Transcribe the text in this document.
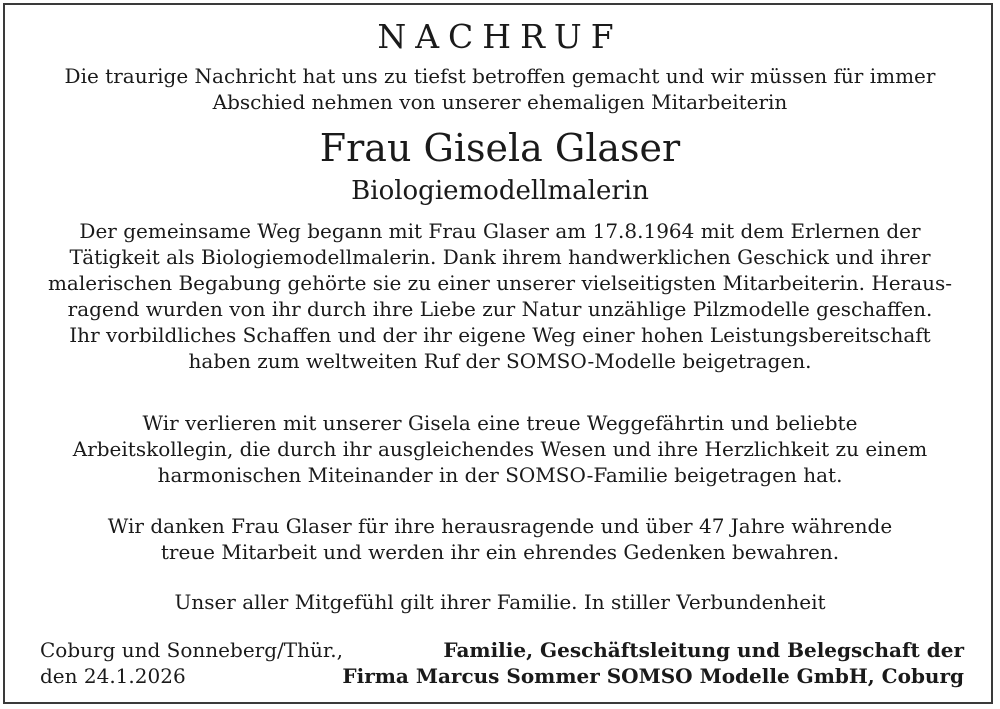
NACHRUF
Die traurige Nachricht hat uns zu tiefst betroffen gemacht und wir müssen für immer
Abschied nehmen von unserer ehemaligen Mitarbeiterin
Frau Gisela Glaser
Biologiemodellmalerin
Der gemeinsame Weg begann mit Frau Glaser am 17.8.1964 mit dem Erlernen der
Tätigkeit als Biologiemodellmalerin. Dank ihrem handwerklichen Geschick und ihrer
malerischen Begabung gehörte sie zu einer unserer vielseitigsten Mitarbeiterin. Heraus-
ragend wurden von ihr durch ihre Liebe zur Natur unzählige Pilzmodelle geschaffen.
Ihr vorbildliches Schaffen und der ihr eigene Weg einer hohen Leistungsbereitschaft
haben zum weltweiten Ruf der SOMSO-Modelle beigetragen.
Wir verlieren mit unserer Gisela eine treue Weggefährtin und beliebte
Arbeitskollegin, die durch ihr ausgleichendes Wesen und ihre Herzlichkeit zu einem
harmonischen Miteinander in der SOMSO-Familie beigetragen hat.
Wir danken Frau Glaser für ihre herausragende und über 47 Jahre währende
treue Mitarbeit und werden ihr ein ehrendes Gedenken bewahren.
Unser aller Mitgefühl gilt ihrer Familie. In stiller Verbundenheit
Coburg und Sonneberg/Thür.,
den 24.1.2026
Familie, Geschäftsleitung und Belegschaft der
Firma Marcus Sommer SOMSO Modelle GmbH, Coburg
